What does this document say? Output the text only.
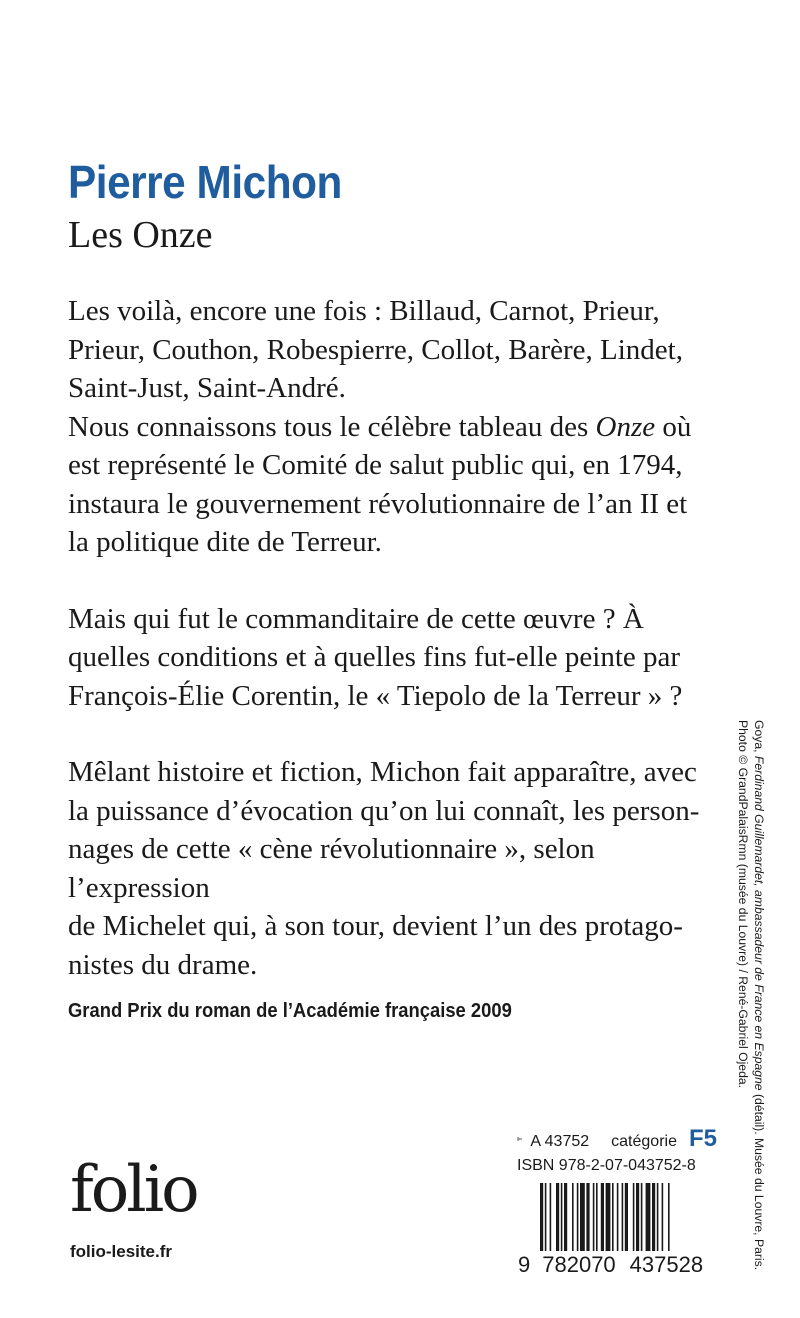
Pierre Michon
Les Onze

Les voilà, encore une fois : Billaud, Carnot, Prieur,
Prieur, Couthon, Robespierre, Collot, Barère, Lindet,
Saint-Just, Saint-André.

Nous connaissons tous le célèbre tableau des Onze où
est représenté le Comité de salut public qui, en 1794,
instaura le gouvernement révolutionnaire de l’an II et
la politique dite de Terreur.

Mais qui fut le commanditaire de cette œuvre ? À
quelles conditions et à quelles fins fut-elle peinte par
François-Élie Corentin, le « Tiepolo de la Terreur » ?

Mêlant histoire et fiction, Michon fait apparaître, avec
la puissance d’évocation qu’on lui connaît, les person-
nages de cette « cène révolutionnaire », selon l’expression
de Michelet qui, à son tour, devient l’un des protago-
nistes du drame.

Grand Prix du roman de l’Académie française 2009

A 43752 catégorie F5
ISBN 978-2-07-043752-8
9 782070 437528
folio
folio-lesite.fr
Goya, Ferdinand Guillemardet, ambassadeur de France en Espagne (détail). Musée du Louvre, Paris.
Photo © GrandPalaisRmn (musée du Louvre) / René-Gabriel Ojeda.
